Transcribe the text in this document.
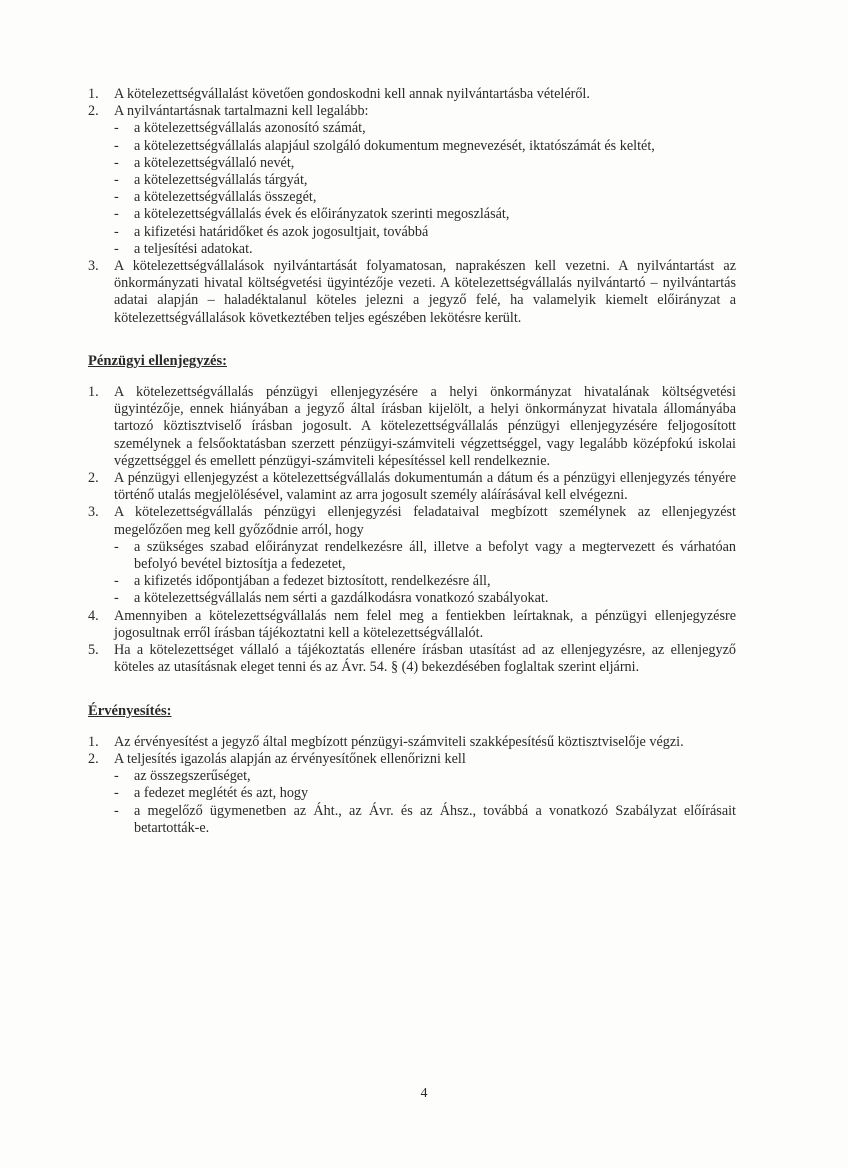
1. A kötelezettségvállalást követően gondoskodni kell annak nyilvántartásba vételéről.
2. A nyilvántartásnak tartalmazni kell legalább:
- a kötelezettségvállalás azonosító számát,
- a kötelezettségvállalás alapjául szolgáló dokumentum megnevezését, iktatószámát és keltét,
- a kötelezettségvállaló nevét,
- a kötelezettségvállalás tárgyát,
- a kötelezettségvállalás összegét,
- a kötelezettségvállalás évek és előirányzatok szerinti megoszlását,
- a kifizetési határidőket és azok jogosultjait, továbbá
- a teljesítési adatokat.
3. A kötelezettségvállalások nyilvántartását folyamatosan, naprakészen kell vezetni. A nyilvántartást az önkormányzati hivatal költségvetési ügyintézője vezeti. A kötelezettségvállalás nyilvántartó – nyilvántartás adatai alapján – haladéktalanul köteles jelezni a jegyző felé, ha valamelyik kiemelt előirányzat a kötelezettségvállalások következtében teljes egészében lekötésre került.
Pénzügyi ellenjegyzés:
1. A kötelezettségvállalás pénzügyi ellenjegyzésére a helyi önkormányzat hivatalának költségvetési ügyintézője, ennek hiányában a jegyző által írásban kijelölt, a helyi önkormányzat hivatala állományába tartozó köztisztviselő írásban jogosult. A kötelezettségvállalás pénzügyi ellenjegyzésére feljogosított személynek a felsőoktatásban szerzett pénzügyi-számviteli végzettséggel, vagy legalább középfokú iskolai végzettséggel és emellett pénzügyi-számviteli képesítéssel kell rendelkeznie.
2. A pénzügyi ellenjegyzést a kötelezettségvállalás dokumentumán a dátum és a pénzügyi ellenjegyzés tényére történő utalás megjelölésével, valamint az arra jogosult személy aláírásával kell elvégezni.
3. A kötelezettségvállalás pénzügyi ellenjegyzési feladataival megbízott személynek az ellenjegyzést megelőzően meg kell győződnie arról, hogy
- a szükséges szabad előirányzat rendelkezésre áll, illetve a befolyt vagy a megtervezett és várhatóan befolyó bevétel biztosítja a fedezetet,
- a kifizetés időpontjában a fedezet biztosított, rendelkezésre áll,
- a kötelezettségvállalás nem sérti a gazdálkodásra vonatkozó szabályokat.
4. Amennyiben a kötelezettségvállalás nem felel meg a fentiekben leírtaknak, a pénzügyi ellenjegyzésre jogosultnak erről írásban tájékoztatni kell a kötelezettségvállalót.
5. Ha a kötelezettséget vállaló a tájékoztatás ellenére írásban utasítást ad az ellenjegyzésre, az ellenjegyző köteles az utasításnak eleget tenni és az Ávr. 54. § (4) bekezdésében foglaltak szerint eljárni.
Érvényesítés:
1. Az érvényesítést a jegyző által megbízott pénzügyi-számviteli szakképesítésű köztisztviselője végzi.
2. A teljesítés igazolás alapján az érvényesítőnek ellenőrizni kell
- az összegszerűséget,
- a fedezet meglétét és azt, hogy
- a megelőző ügymenetben az Áht., az Ávr. és az Áhsz., továbbá a vonatkozó Szabályzat előírásait betartották-e.
4
